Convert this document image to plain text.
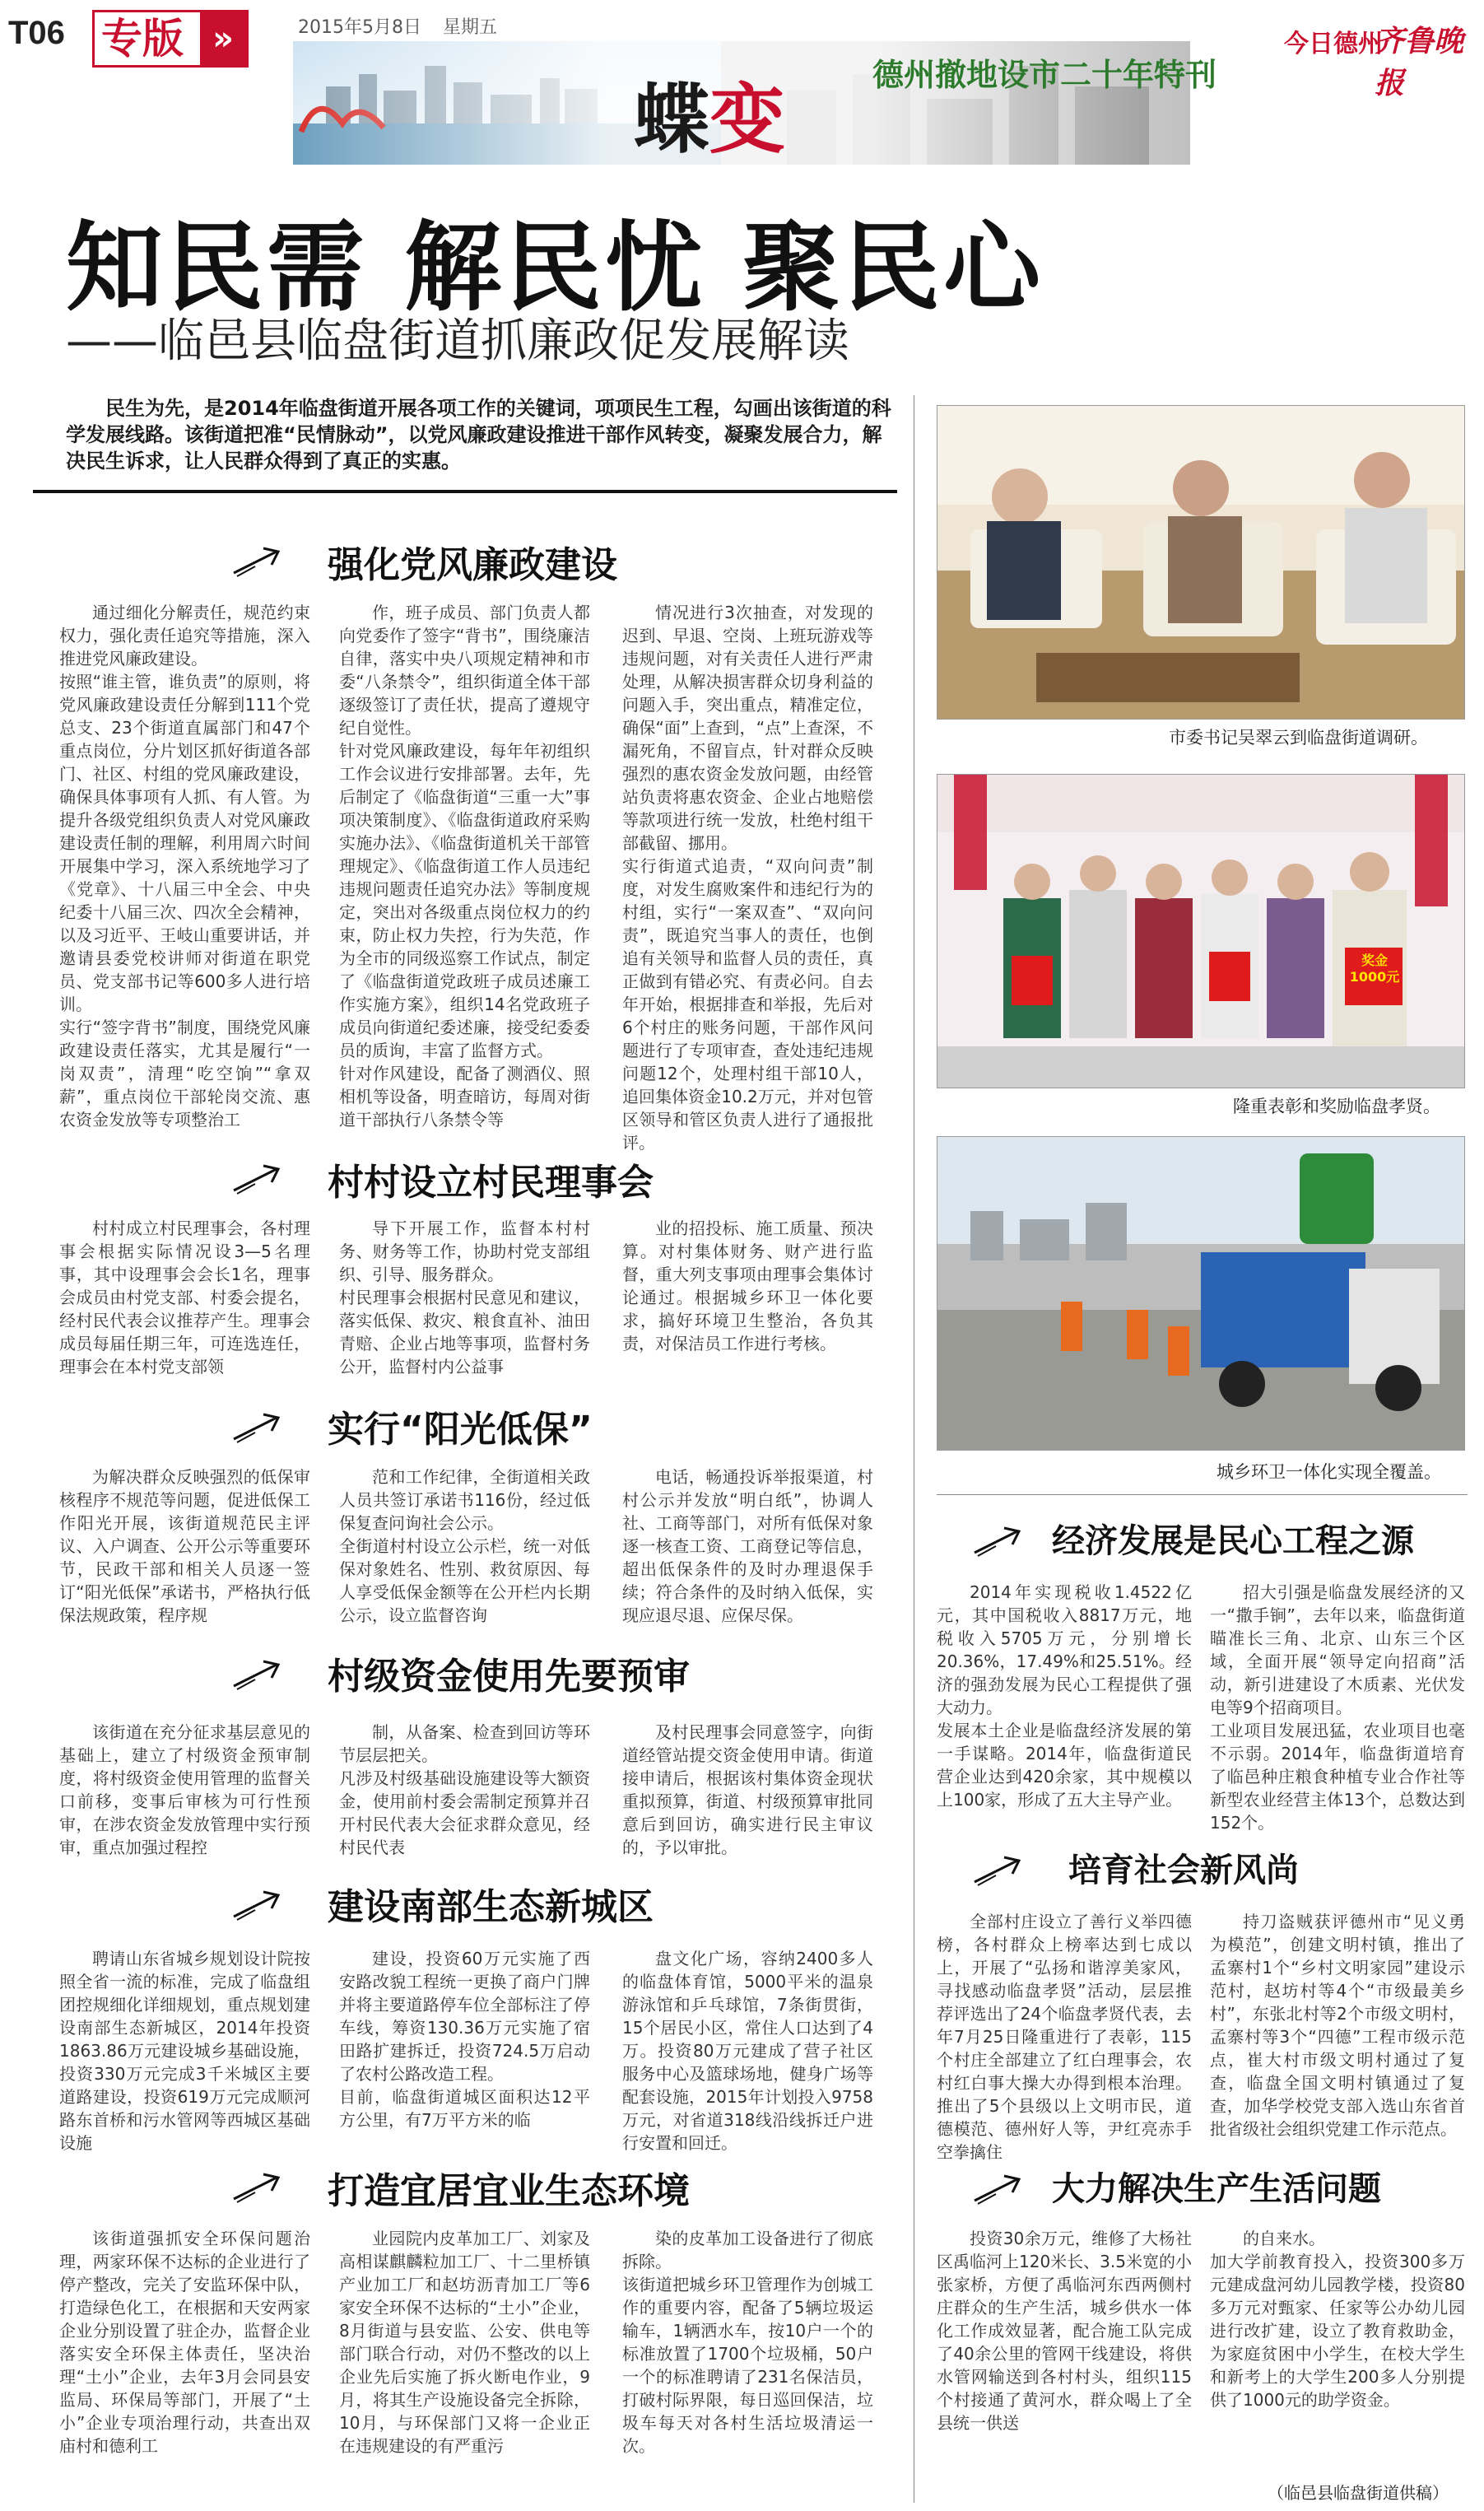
T06 专版 »	2015年5月8日 星期五
蝶变	德州撤地设市二十年特刊
今日德州
齐鲁晚报
知民需 解民忧 聚民心
——临邑县临盘街道抓廉政促发展解读
民生为先，是2014年临盘街道开展各项工作的关键词，项项民生工程，勾画出该街道的科学发展线路。该街道把准“民情脉动”，以党风廉政建设推进干部作风转变，凝聚发展合力，解决民生诉求，让人民群众得到了真正的实惠。
强化党风廉政建设

通过细化分解责任，规范约束权力，强化责任追究等措施，深入推进党风廉政建设。
按照“谁主管，谁负责”的原则，将党风廉政建设责任分解到111个党总支、23个街道直属部门和47个重点岗位，分片划区抓好街道各部门、社区、村组的党风廉政建设，确保具体事项有人抓、有人管。为提升各级党组织负责人对党风廉政建设责任制的理解，利用周六时间开展集中学习，深入系统地学习了《党章》、十八届三中全会、中央纪委十八届三次、四次全会精神，以及习近平、王岐山重要讲话，并邀请县委党校讲师对街道在职党员、党支部书记等600多人进行培训。
实行“签字背书”制度，围绕党风廉政建设责任落实，尤其是履行“一岗双责”，清理“吃空饷”“拿双薪”，重点岗位干部轮岗交流、惠农资金发放等专项整治工

作，班子成员、部门负责人都向党委作了签字“背书”，围绕廉洁自律，落实中央八项规定精神和市委“八条禁令”，组织街道全体干部逐级签订了责任状，提高了遵规守纪自觉性。
针对党风廉政建设，每年年初组织工作会议进行安排部署。去年，先后制定了《临盘街道“三重一大”事项决策制度》、《临盘街道政府采购实施办法》、《临盘街道机关干部管理规定》、《临盘街道工作人员违纪违规问题责任追究办法》等制度规定，突出对各级重点岗位权力的约束，防止权力失控，行为失范，作为全市的同级巡察工作试点，制定了《临盘街道党政班子成员述廉工作实施方案》，组织14名党政班子成员向街道纪委述廉，接受纪委委员的质询，丰富了监督方式。
针对作风建设，配备了测酒仪、照相机等设备，明查暗访，每周对街道干部执行八条禁令等

情况进行3次抽查，对发现的迟到、早退、空岗、上班玩游戏等违规问题，对有关责任人进行严肃处理，从解决损害群众切身利益的问题入手，突出重点，精准定位，确保“面”上查到，“点”上查深，不漏死角，不留盲点，针对群众反映强烈的惠农资金发放问题，由经管站负责将惠农资金、企业占地赔偿等款项进行统一发放，杜绝村组干部截留、挪用。
实行街道式追责，“双向问责”制度，对发生腐败案件和违纪行为的村组，实行“一案双查”、“双向问责”，既追究当事人的责任，也倒追有关领导和监督人员的责任，真正做到有错必究、有责必问。自去年开始，根据排查和举报，先后对6个村庄的账务问题，干部作风问题进行了专项审查，查处违纪违规问题12个，处理村组干部10人，追回集体资金10.2万元，并对包管区领导和管区负责人进行了通报批评。

村村设立村民理事会

村村成立村民理事会，各村理事会根据实际情况设3—5名理事，其中设理事会会长1名，理事会成员由村党支部、村委会提名，经村民代表会议推荐产生。理事会成员每届任期三年，可连选连任，理事会在本村党支部领

导下开展工作，监督本村村务、财务等工作，协助村党支部组织、引导、服务群众。
村民理事会根据村民意见和建议，落实低保、救灾、粮食直补、油田青赔、企业占地等事项，监督村务公开，监督村内公益事

业的招投标、施工质量、预决算。对村集体财务、财产进行监督，重大列支事项由理事会集体讨论通过。根据城乡环卫一体化要求，搞好环境卫生整治，各负其责，对保洁员工作进行考核。

实行“阳光低保”

为解决群众反映强烈的低保审核程序不规范等问题，促进低保工作阳光开展，该街道规范民主评议、入户调查、公开公示等重要环节，民政干部和相关人员逐一签订“阳光低保”承诺书，严格执行低保法规政策，程序规

范和工作纪律，全街道相关政人员共签订承诺书116份，经过低保复查问询社会公示。
全街道村村设立公示栏，统一对低保对象姓名、性别、救贫原因、每人享受低保金额等在公开栏内长期公示，设立监督咨询

电话，畅通投诉举报渠道，村村公示并发放“明白纸”，协调人社、工商等部门，对所有低保对象逐一核查工资、工商登记等信息，超出低保条件的及时办理退保手续；符合条件的及时纳入低保，实现应退尽退、应保尽保。

村级资金使用先要预审

该街道在充分征求基层意见的基础上，建立了村级资金预审制度，将村级资金使用管理的监督关口前移，变事后审核为可行性预审，在涉农资金发放管理中实行预审，重点加强过程控

制，从备案、检查到回访等环节层层把关。
凡涉及村级基础设施建设等大额资金，使用前村委会需制定预算并召开村民代表大会征求群众意见，经村民代表

及村民理事会同意签字，向街道经管站提交资金使用申请。街道接申请后，根据该村集体资金现状重拟预算，街道、村级预算审批同意后到回访，确实进行民主审议的，予以审批。

建设南部生态新城区

聘请山东省城乡规划设计院按照全省一流的标准，完成了临盘组团控规细化详细规划，重点规划建设南部生态新城区，2014年投资1863.86万元建设城乡基础设施，投资330万元完成3千米城区主要道路建设，投资619万元完成顺河路东首桥和污水管网等西城区基础设施

建设，投资60万元实施了西安路改貌工程统一更换了商户门牌并将主要道路停车位全部标注了停车线，筹资130.36万元实施了宿田路扩建拆迁，投资724.5万启动了农村公路改造工程。
目前，临盘街道城区面积达12平方公里，有7万平方米的临

盘文化广场，容纳2400多人的临盘体育馆，5000平米的温泉游泳馆和乒乓球馆，7条街贯街，15个居民小区，常住人口达到了4万。投资80万元建成了营子社区服务中心及篮球场地，健身广场等配套设施，2015年计划投入9758万元，对省道318线沿线拆迁户进行安置和回迁。

打造宜居宜业生态环境

该街道强抓安全环保问题治理，两家环保不达标的企业进行了停产整改，完关了安监环保中队，打造绿色化工，在根据和天安两家企业分别设置了驻企办，监督企业落实安全环保主体责任，坚决治理“土小”企业，去年3月会同县安监局、环保局等部门，开展了“土小”企业专项治理行动，共查出双庙村和德利工

业园院内皮革加工厂、刘家及高相谋麒麟粒加工厂、十二里桥镇产业加工厂和赵坊沥青加工厂等6家安全环保不达标的“土小”企业，8月街道与县安监、公安、供电等部门联合行动，对仍不整改的以上企业先后实施了拆火断电作业，9月，将其生产设施设备完全拆除，10月，与环保部门又将一企业正在违规建设的有严重污

染的皮革加工设备进行了彻底拆除。
该街道把城乡环卫管理作为创城工作的重要内容，配备了5辆垃圾运输车，1辆洒水车，按10户一个的标准放置了1700个垃圾桶，50户一个的标准聘请了231名保洁员，打破村际界限，每日巡回保洁，垃圾车每天对各村生活垃圾清运一次。

市委书记吴翠云到临盘街道调研。
奖金1000元
隆重表彰和奖励临盘孝贤。
城乡环卫一体化实现全覆盖。
经济发展是民心工程之源

2014年实现税收1.4522亿元，其中国税收入8817万元，地税收入5705万元，分别增长20.36%，17.49%和25.51%。经济的强劲发展为民心工程提供了强大动力。
发展本土企业是临盘经济发展的第一手谋略。2014年，临盘街道民营企业达到420余家，其中规模以上100家，形成了五大主导产业。

招大引强是临盘发展经济的又一“撒手锏”，去年以来，临盘街道瞄准长三角、北京、山东三个区域，全面开展“领导定向招商”活动，新引进建设了木质素、光伏发电等9个招商项目。
工业项目发展迅猛，农业项目也毫不示弱。2014年，临盘街道培育了临邑种庄粮食种植专业合作社等新型农业经营主体13个，总数达到152个。

培育社会新风尚

全部村庄设立了善行义举四德榜，各村群众上榜率达到七成以上，开展了“弘扬和谐淳美家风，寻找感动临盘孝贤”活动，层层推荐评选出了24个临盘孝贤代表，去年7月25日隆重进行了表彰，115个村庄全部建立了红白理事会，农村红白事大操大办得到根本治理。推出了5个县级以上文明市民，道德模范、德州好人等，尹红亮赤手空拳擒住

持刀盗贼获评德州市“见义勇为模范”，创建文明村镇，推出了孟寨村1个“乡村文明家园”建设示范村，赵坊村等4个“市级最美乡村”，东张北村等2个市级文明村，孟寨村等3个“四德”工程市级示范点，崔大村市级文明村通过了复查，临盘全国文明村镇通过了复查，加华学校党支部入选山东省首批省级社会组织党建工作示范点。

大力解决生产生活问题

投资30余万元，维修了大杨社区禹临河上120米长、3.5米宽的小张家桥，方便了禹临河东西两侧村庄群众的生产生活，城乡供水一体化工作成效显著，配合施工队完成了40余公里的管网干线建设，将供水管网输送到各村村头，组织115个村接通了黄河水，群众喝上了全县统一供送

的自来水。
加大学前教育投入，投资300多万元建成盘河幼儿园教学楼，投资80多万元对甄家、任家等公办幼儿园进行改扩建，设立了教育救助金，为家庭贫困中小学生，在校大学生和新考上的大学生200多人分别提供了1000元的助学资金。

（临邑县临盘街道供稿）
